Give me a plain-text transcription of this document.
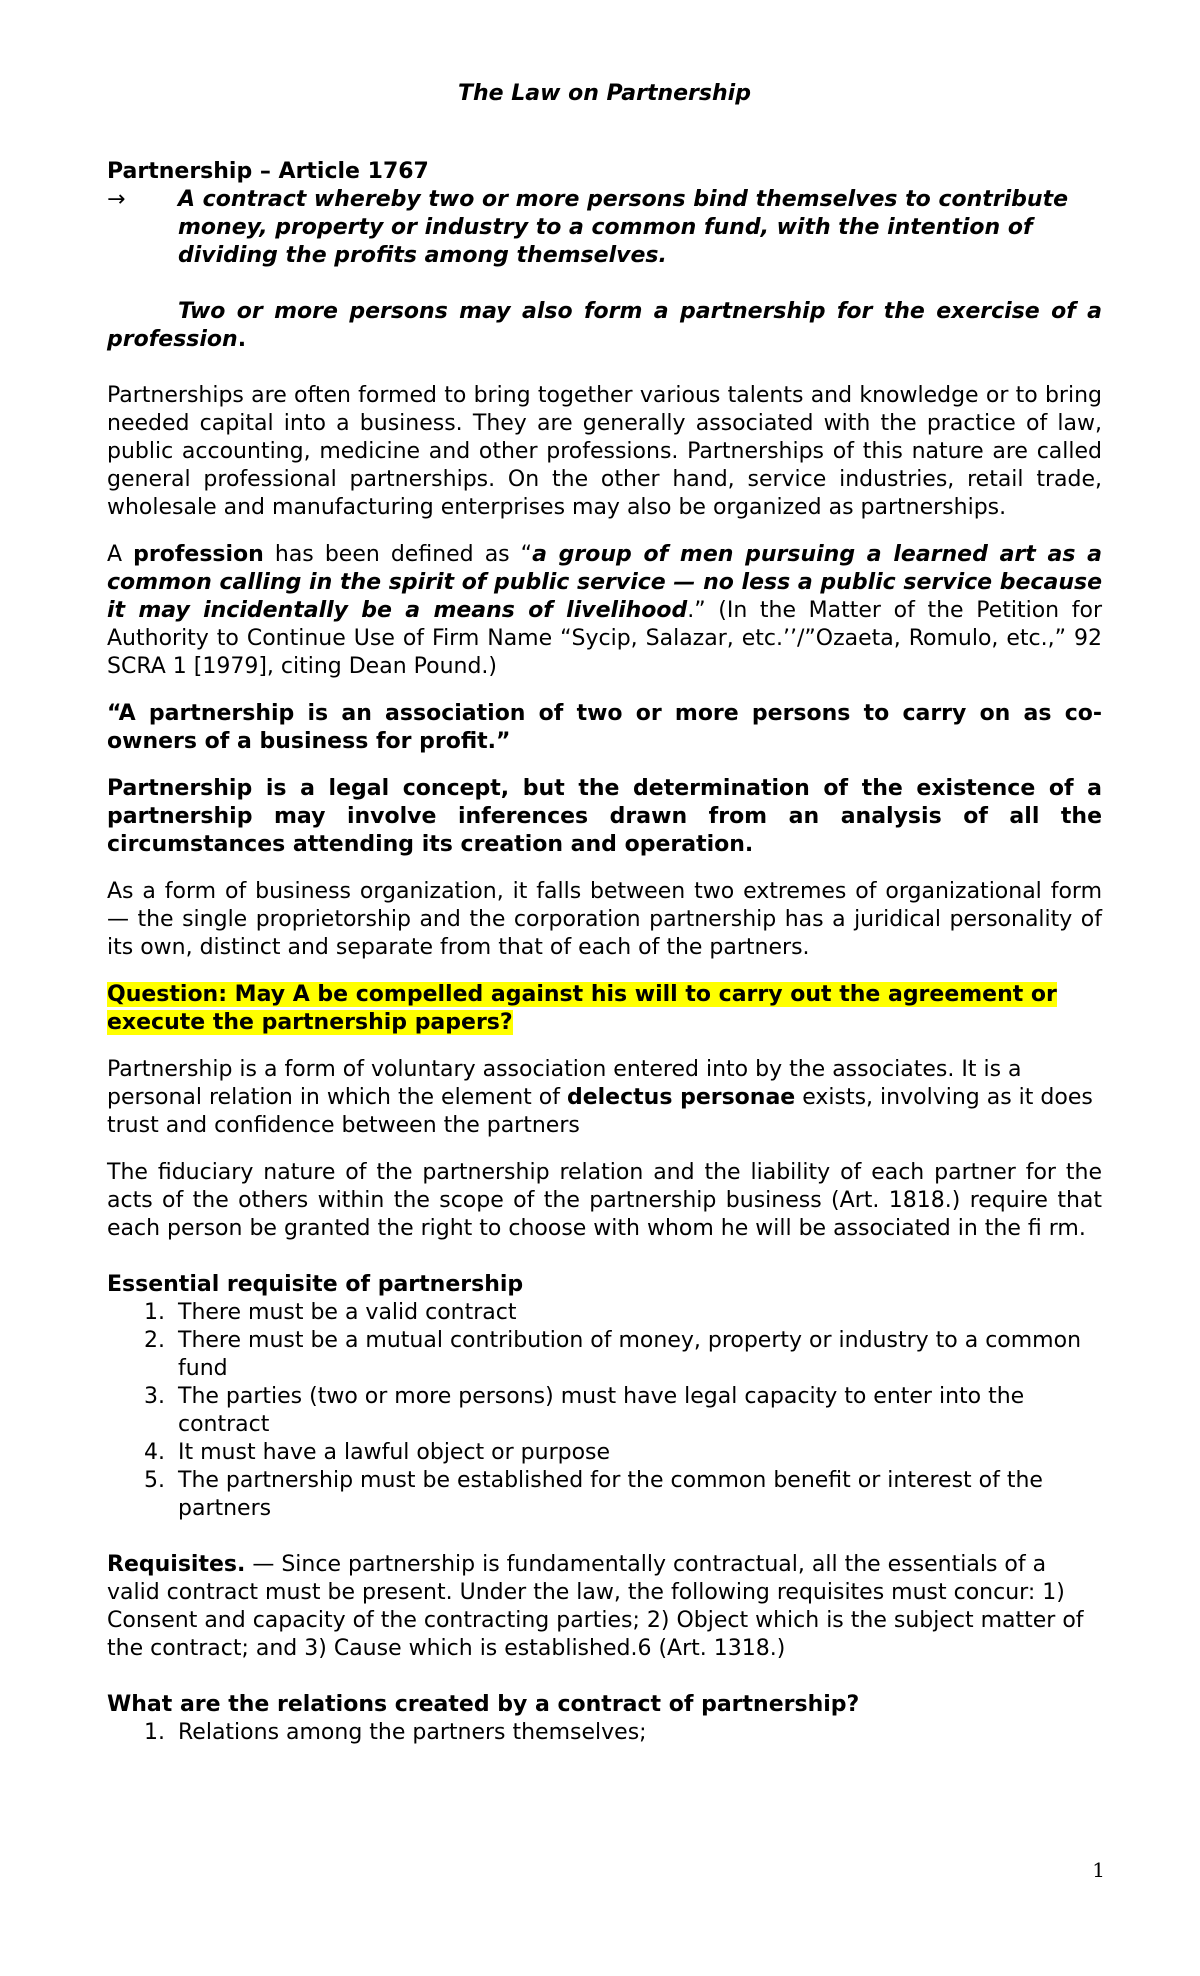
The Law on Partnership

Partnership – Article 1767

→	A contract whereby two or more persons bind themselves to contribute money, property or industry to a common fund, with the intention of dividing the profits among themselves.

Two or more persons may also form a partnership for the exercise of a profession.

Partnerships are often formed to bring together various talents and knowledge or to bring needed capital into a business. They are generally associated with the practice of law, public accounting, medicine and other professions. Partnerships of this nature are called general professional partnerships. On the other hand, service industries, retail trade, wholesale and manufacturing enterprises may also be organized as partnerships.

A profession has been defined as “a group of men pursuing a learned art as a common calling in the spirit of public service — no less a public service because it may incidentally be a means of livelihood.” (In the Matter of the Petition for Authority to Continue Use of Firm Name “Sycip, Salazar, etc.’’/”Ozaeta, Romulo, etc.,” 92 SCRA 1 [1979], citing Dean Pound.)

“A partnership is an association of two or more persons to carry on as co-owners of a business for profit.”

Partnership is a legal concept, but the determination of the existence of a partnership may involve inferences drawn from an analysis of all the circumstances attending its creation and operation.

As a form of business organization, it falls between two extremes of organizational form — the single proprietorship and the corporation partnership has a juridical personality of its own, distinct and separate from that of each of the partners.

Question: May A be compelled against his will to carry out the agreement or execute the partnership papers?

Partnership is a form of voluntary association entered into by the associates. It is a personal relation in which the element of delectus personae exists, involving as it does trust and confidence between the partners

The fiduciary nature of the partnership relation and the liability of each partner for the acts of the others within the scope of the partnership business (Art. 1818.) require that each person be granted the right to choose with whom he will be associated in the fi rm.

Essential requisite of partnership

1. There must be a valid contract
2. There must be a mutual contribution of money, property or industry to a common fund
3. The parties (two or more persons) must have legal capacity to enter into the contract
4. It must have a lawful object or purpose
5. The partnership must be established for the common benefit or interest of the partners

Requisites. — Since partnership is fundamentally contractual, all the essentials of a valid contract must be present. Under the law, the following requisites must concur: 1) Consent and capacity of the contracting parties; 2) Object which is the subject matter of the contract; and 3) Cause which is established.6 (Art. 1318.)

What are the relations created by a contract of partnership?

1. Relations among the partners themselves;
1
